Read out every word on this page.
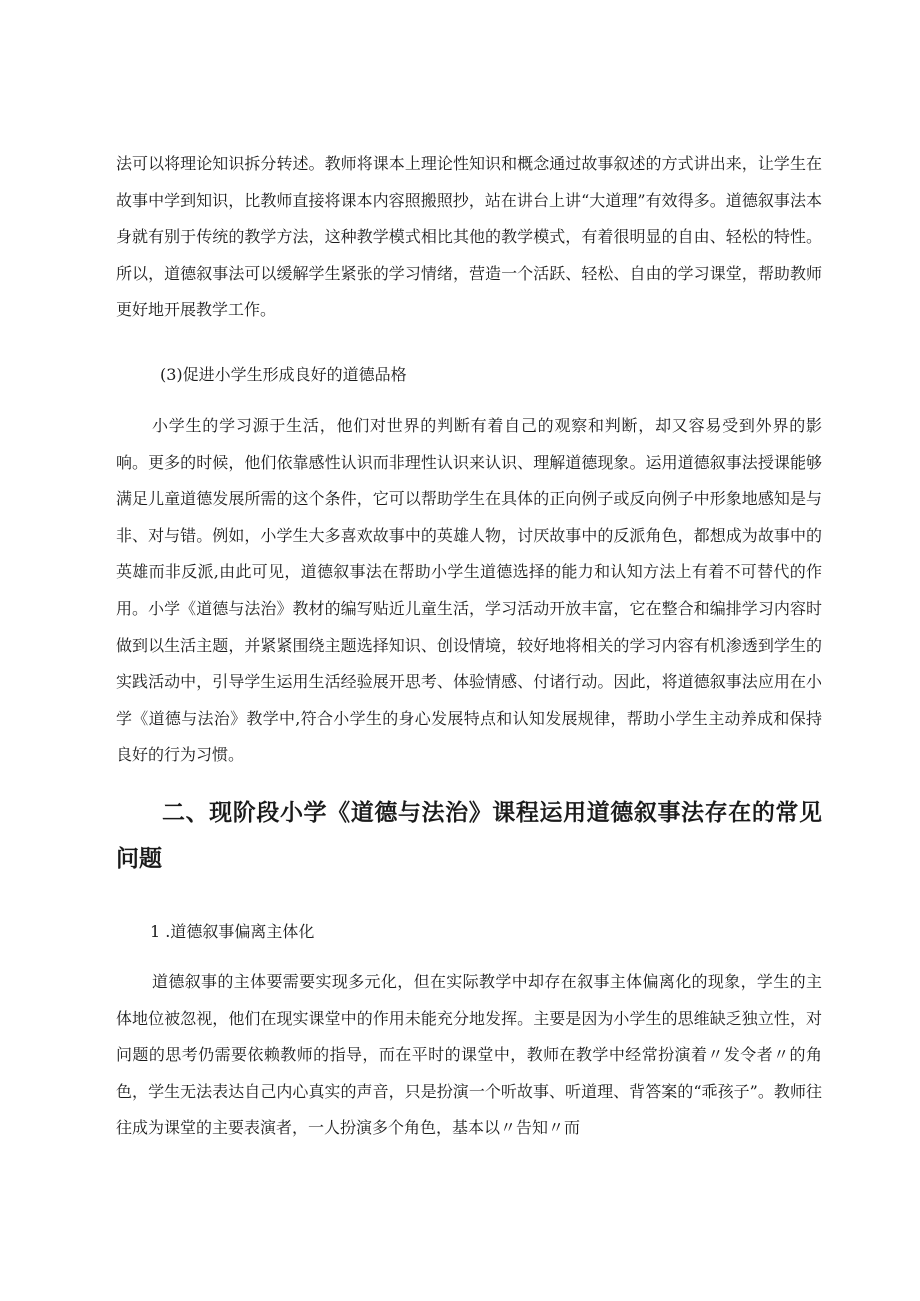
法可以将理论知识拆分转述。教师将课本上理论性知识和概念通过故事叙述的方式讲出来，让学生在故事中学到知识，比教师直接将课本内容照搬照抄，站在讲台上讲“大道理”有效得多。道德叙事法本身就有别于传统的教学方法，这种教学模式相比其他的教学模式，有着很明显的自由、轻松的特性。所以，道德叙事法可以缓解学生紧张的学习情绪，营造一个活跃、轻松、自由的学习课堂，帮助教师更好地开展教学工作。

(3)促进小学生形成良好的道德品格

小学生的学习源于生活，他们对世界的判断有着自己的观察和判断，却又容易受到外界的影响。更多的时候，他们依靠感性认识而非理性认识来认识、理解道德现象。运用道德叙事法授课能够满足儿童道德发展所需的这个条件，它可以帮助学生在具体的正向例子或反向例子中形象地感知是与非、对与错。例如，小学生大多喜欢故事中的英雄人物，讨厌故事中的反派角色，都想成为故事中的英雄而非反派,由此可见，道德叙事法在帮助小学生道德选择的能力和认知方法上有着不可替代的作用。小学《道德与法治》教材的编写贴近儿童生活，学习活动开放丰富，它在整合和编排学习内容时做到以生活主题，并紧紧围绕主题选择知识、创设情境，较好地将相关的学习内容有机渗透到学生的实践活动中，引导学生运用生活经验展开思考、体验情感、付诸行动。因此，将道德叙事法应用在小学《道德与法治》教学中,符合小学生的身心发展特点和认知发展规律，帮助小学生主动养成和保持良好的行为习惯。

二、现阶段小学《道德与法治》课程运用道德叙事法存在的常见问题

1 .道德叙事偏离主体化

道德叙事的主体要需要实现多元化，但在实际教学中却存在叙事主体偏离化的现象，学生的主体地位被忽视，他们在现实课堂中的作用未能充分地发挥。主要是因为小学生的思维缺乏独立性，对问题的思考仍需要依赖教师的指导，而在平时的课堂中，教师在教学中经常扮演着〃发令者〃的角色，学生无法表达自己内心真实的声音，只是扮演一个听故事、听道理、背答案的“乖孩子”。教师往往成为课堂的主要表演者，一人扮演多个角色，基本以〃告知〃而
